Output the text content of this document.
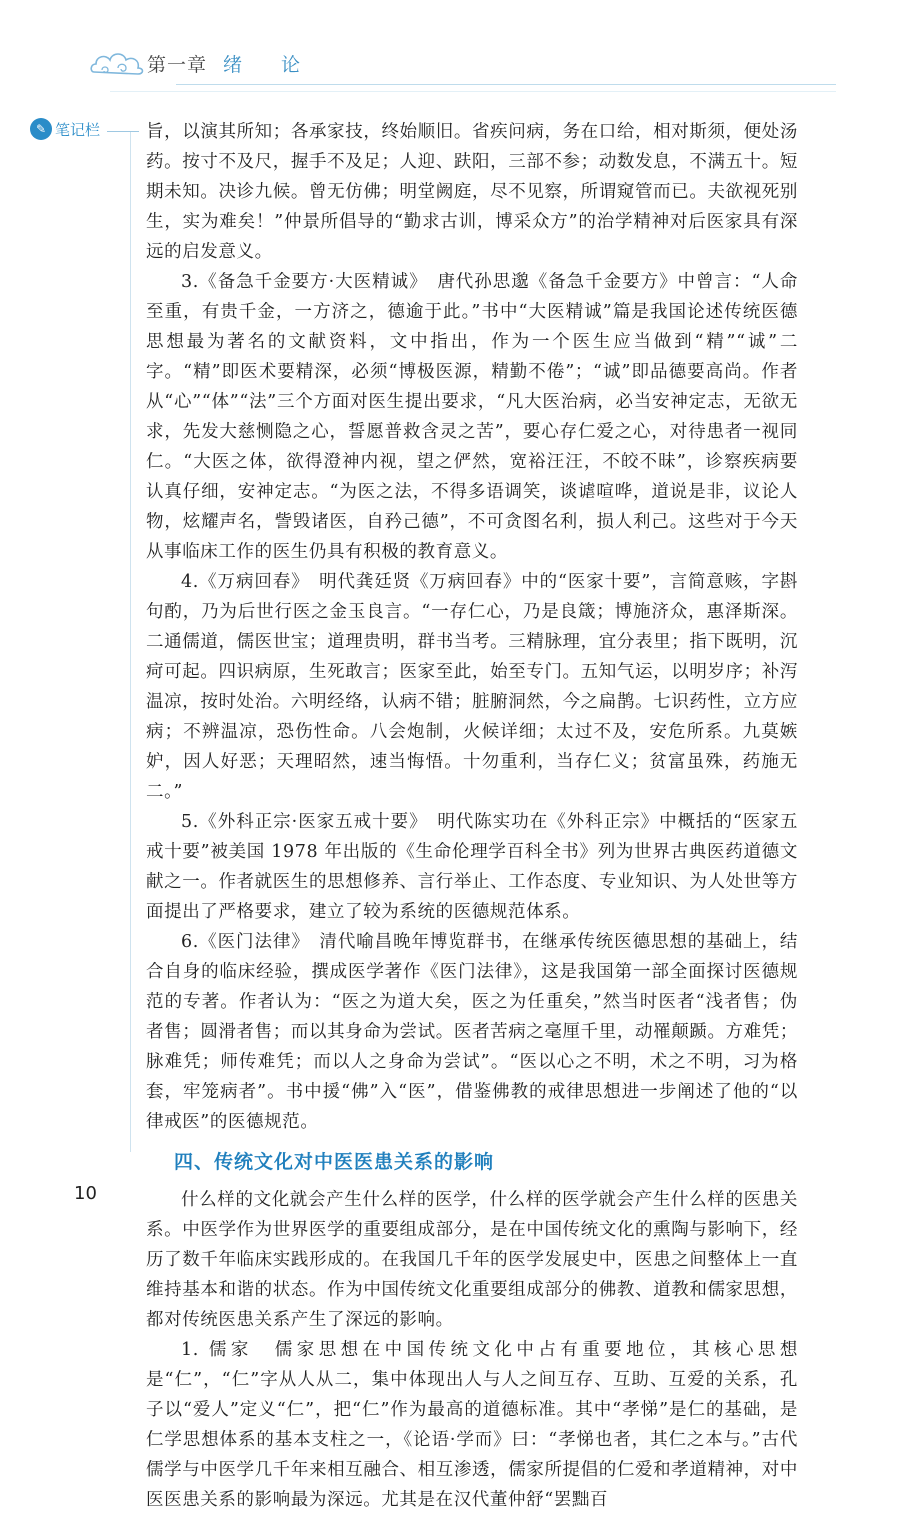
第一章 绪　论
✎ 笔记栏	旨，以演其所知；各承家技，终始顺旧。省疾问病，务在口给，相对斯须，便处汤药。按寸不及尺，握手不及足；人迎、趺阳，三部不参；动数发息，不满五十。短期未知。决诊九候。曾无仿佛；明堂阙庭，尽不见察，所谓窥管而已。夫欲视死别生，实为难矣！”仲景所倡导的“勤求古训，博采众方”的治学精神对后医家具有深远的启发意义。

3.《备急千金要方·大医精诚》　唐代孙思邈《备急千金要方》中曾言：“人命至重，有贵千金，一方济之，德逾于此。”书中“大医精诚”篇是我国论述传统医德思想最为著名的文献资料，文中指出，作为一个医生应当做到“精”“诚”二字。“精”即医术要精深，必须“博极医源，精勤不倦”；“诚”即品德要高尚。作者从“心”“体”“法”三个方面对医生提出要求，“凡大医治病，必当安神定志，无欲无求，先发大慈恻隐之心，誓愿普救含灵之苦”，要心存仁爱之心，对待患者一视同仁。“大医之体，欲得澄神内视，望之俨然，宽裕汪汪，不皎不昧”，诊察疾病要认真仔细，安神定志。“为医之法，不得多语调笑，谈谑喧哗，道说是非，议论人物，炫耀声名，訾毁诸医，自矜己德”，不可贪图名利，损人利己。这些对于今天从事临床工作的医生仍具有积极的教育意义。

4.《万病回春》　明代龚廷贤《万病回春》中的“医家十要”，言简意赅，字斟句酌，乃为后世行医之金玉良言。“一存仁心，乃是良箴；博施济众，惠泽斯深。二通儒道，儒医世宝；道理贵明，群书当考。三精脉理，宜分表里；指下既明，沉疴可起。四识病原，生死敢言；医家至此，始至专门。五知气运，以明岁序；补泻温凉，按时处治。六明经络，认病不错；脏腑洞然，今之扁鹊。七识药性，立方应病；不辨温凉，恐伤性命。八会炮制，火候详细；太过不及，安危所系。九莫嫉妒，因人好恶；天理昭然，速当悔悟。十勿重利，当存仁义；贫富虽殊，药施无二。”

5.《外科正宗·医家五戒十要》　明代陈实功在《外科正宗》中概括的“医家五戒十要”被美国 1978 年出版的《生命伦理学百科全书》列为世界古典医药道德文献之一。作者就医生的思想修养、言行举止、工作态度、专业知识、为人处世等方面提出了严格要求，建立了较为系统的医德规范体系。

6.《医门法律》　清代喻昌晚年博览群书，在继承传统医德思想的基础上，结合自身的临床经验，撰成医学著作《医门法律》，这是我国第一部全面探讨医德规范的专著。作者认为：“医之为道大矣，医之为任重矣，”然当时医者“浅者售；伪者售；圆滑者售；而以其身命为尝试。医者苦病之毫厘千里，动罹颠踬。方难凭；脉难凭；师传难凭；而以人之身命为尝试”。“医以心之不明，术之不明，习为格套，牢笼病者”。书中援“佛”入“医”，借鉴佛教的戒律思想进一步阐述了他的“以律戒医”的医德规范。

四、传统文化对中医医患关系的影响

什么样的文化就会产生什么样的医学，什么样的医学就会产生什么样的医患关系。中医学作为世界医学的重要组成部分，是在中国传统文化的熏陶与影响下，经历了数千年临床实践形成的。在我国几千年的医学发展史中，医患之间整体上一直维持基本和谐的状态。作为中国传统文化重要组成部分的佛教、道教和儒家思想，都对传统医患关系产生了深远的影响。

1. 儒家　儒家思想在中国传统文化中占有重要地位，其核心思想是“仁”，“仁”字从人从二，集中体现出人与人之间互存、互助、互爱的关系，孔子以“爱人”定义“仁”，把“仁”作为最高的道德标准。其中“孝悌”是仁的基础，是仁学思想体系的基本支柱之一，《论语·学而》曰：“孝悌也者，其仁之本与。”古代儒学与中医学几千年来相互融合、相互渗透，儒家所提倡的仁爱和孝道精神，对中医医患关系的影响最为深远。尤其是在汉代董仲舒“罢黜百

10
